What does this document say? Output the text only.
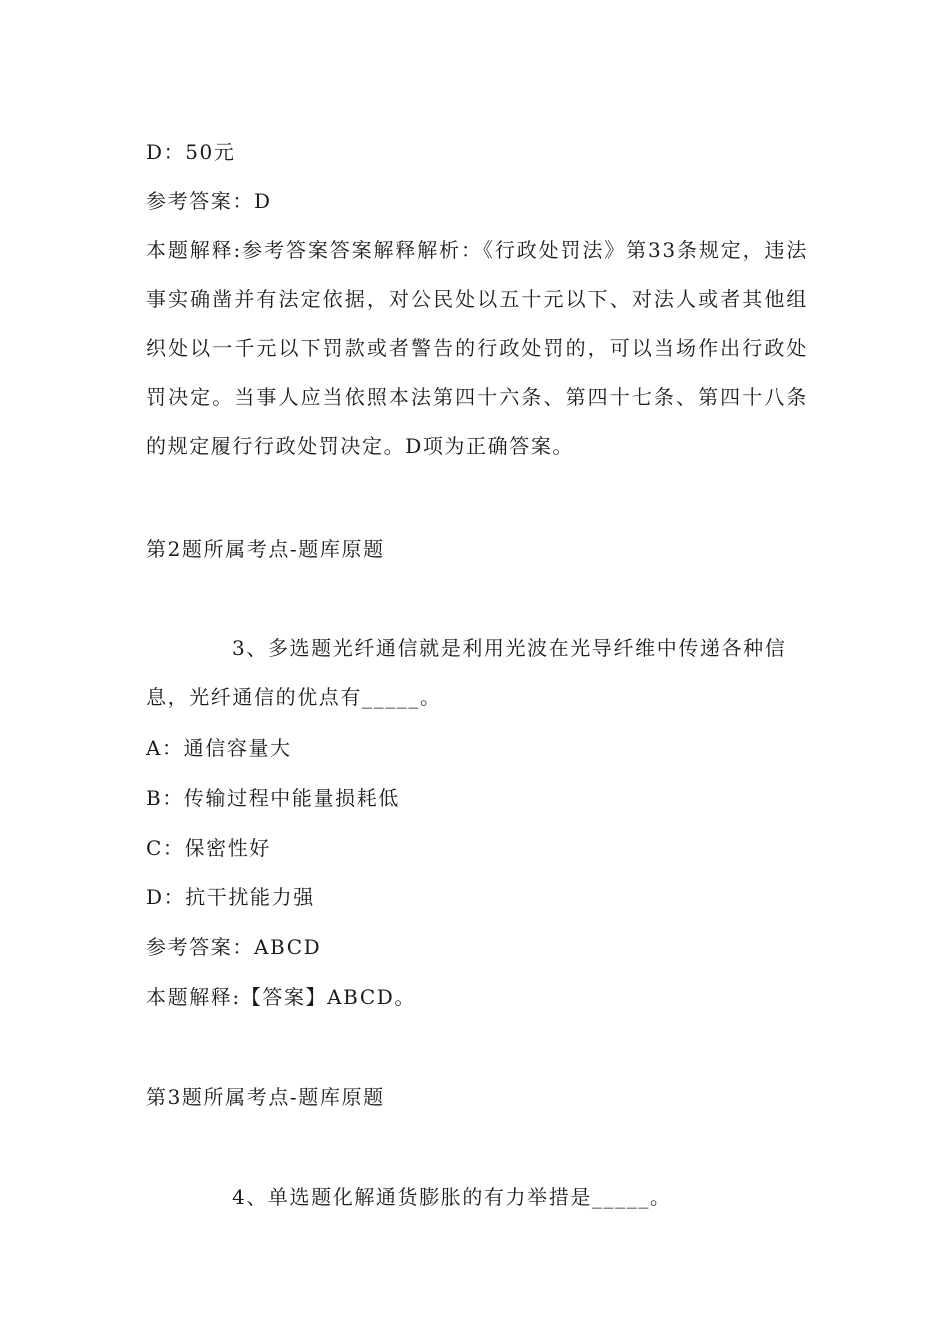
D：50元
参考答案：D
本题解释:参考答案答案解释解析：《行政处罚法》第33条规定，违法事实确凿并有法定依据，对公民处以五十元以下、对法人或者其他组织处以一千元以下罚款或者警告的行政处罚的，可以当场作出行政处罚决定。当事人应当依照本法第四十六条、第四十七条、第四十八条的规定履行行政处罚决定。D项为正确答案。
第2题所属考点-题库原题
3、多选题光纤通信就是利用光波在光导纤维中传递各种信
息，光纤通信的优点有_____。
A：通信容量大
B：传输过程中能量损耗低
C：保密性好
D：抗干扰能力强
参考答案：ABCD
本题解释:【答案】ABCD。
第3题所属考点-题库原题
4、单选题化解通货膨胀的有力举措是_____。
